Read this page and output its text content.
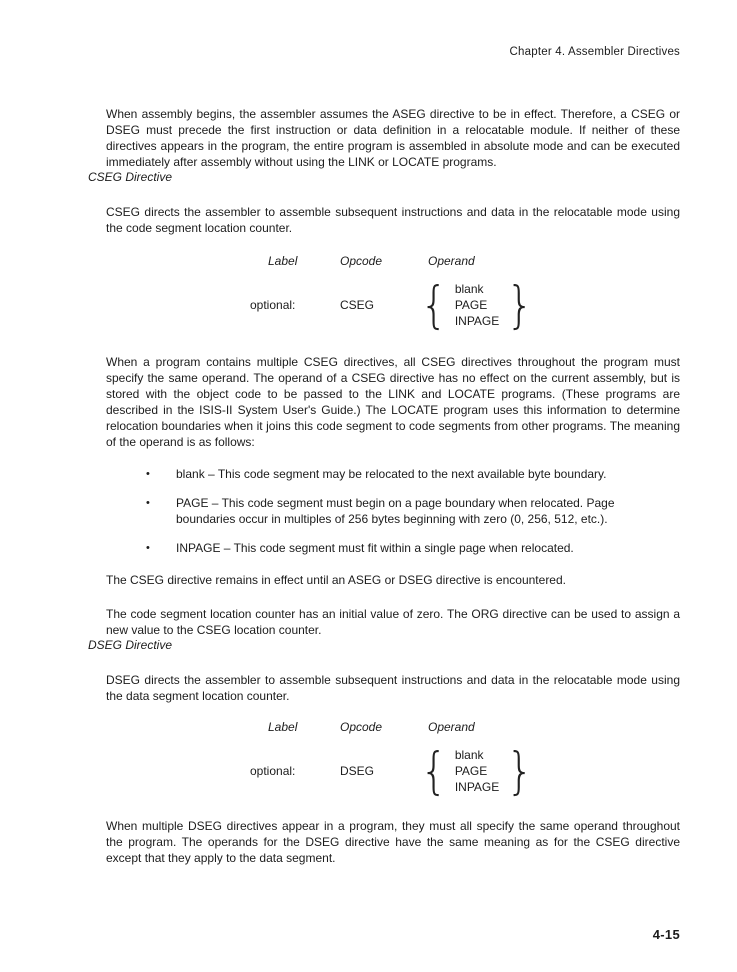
Chapter 4. Assembler Directives

When assembly begins, the assembler assumes the ASEG directive to be in effect. Therefore, a CSEG or DSEG must precede the first instruction or data definition in a relocatable module. If neither of these directives appears in the program, the entire program is assembled in absolute mode and can be executed immediately after assembly without using the LINK or LOCATE programs.

CSEG Directive

CSEG directs the assembler to assemble subsequent instructions and data in the relocatable mode using the code segment location counter.

Label	Opcode	Operand
optional:	CSEG { blank
PAGE
INPAGE }

When a program contains multiple CSEG directives, all CSEG directives throughout the program must specify the same operand. The operand of a CSEG directive has no effect on the current assembly, but is stored with the object code to be passed to the LINK and LOCATE programs. (These programs are described in the ISIS-II System User's Guide.) The LOCATE program uses this information to determine relocation boundaries when it joins this code segment to code segments from other programs. The meaning of the operand is as follows:

•	blank – This code segment may be relocated to the next available byte boundary.
•	PAGE – This code segment must begin on a page boundary when relocated. Page boundaries occur in multiples of 256 bytes beginning with zero (0, 256, 512, etc.).
•	INPAGE – This code segment must fit within a single page when relocated.

The CSEG directive remains in effect until an ASEG or DSEG directive is encountered.

The code segment location counter has an initial value of zero. The ORG directive can be used to assign a new value to the CSEG location counter.

DSEG Directive

DSEG directs the assembler to assemble subsequent instructions and data in the relocatable mode using the data segment location counter.

Label	Opcode	Operand
optional:	DSEG { blank
PAGE
INPAGE }

When multiple DSEG directives appear in a program, they must all specify the same operand throughout the program. The operands for the DSEG directive have the same meaning as for the CSEG directive except that they apply to the data segment.

4-15
